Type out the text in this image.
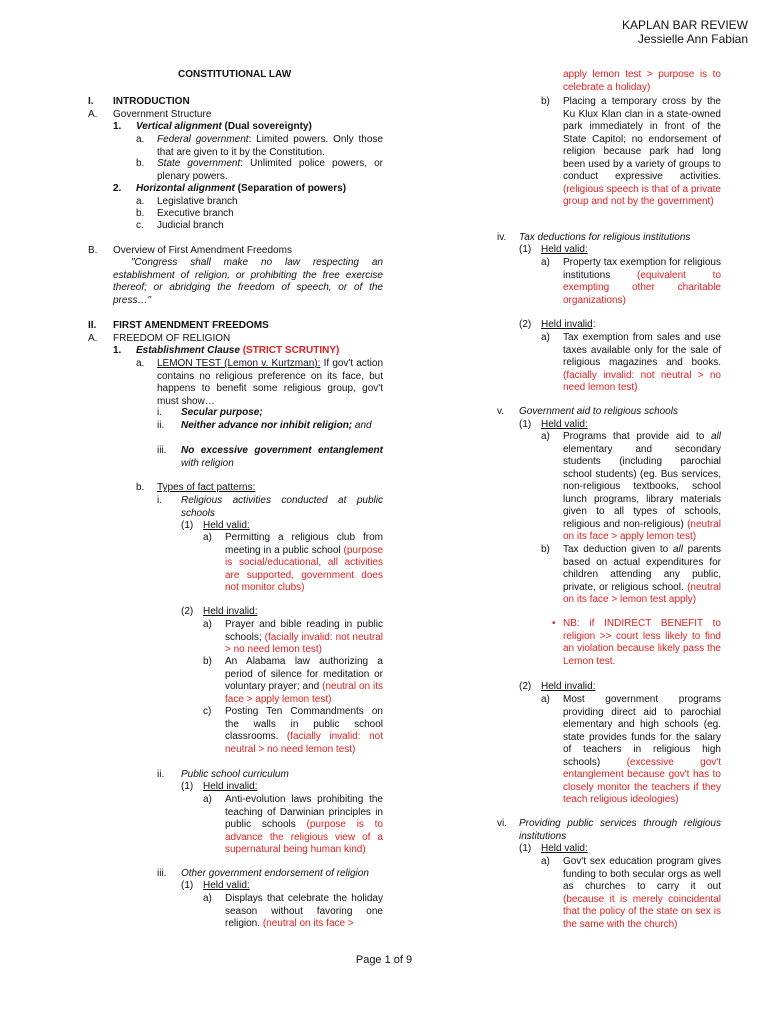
KAPLAN BAR REVIEW
Jessielle Ann Fabian
CONSTITUTIONAL LAW
I. INTRODUCTION
A. Government Structure
1. Vertical alignment (Dual sovereignty)
a. Federal government: Limited powers. Only those that are given to it by the Constitution.
b. State government: Unlimited police powers, or plenary powers.
2. Horizontal alignment (Separation of powers)
a. Legislative branch
b. Executive branch
c. Judicial branch
B. Overview of First Amendment Freedoms
"Congress shall make no law respecting an establishment of religion, or prohibiting the free exercise thereof; or abridging the freedom of speech, or of the press…"
II. FIRST AMENDMENT FREEDOMS
A. FREEDOM OF RELIGION
1. Establishment Clause (STRICT SCRUTINY)
a. LEMON TEST (Lemon v. Kurtzman): If gov't action contains no religious preference on its face, but happens to benefit some religious group, gov't must show…
i. Secular purpose;
ii. Neither advance nor inhibit religion; and
iii. No excessive government entanglement with religion
b. Types of fact patterns:
i. Religious activities conducted at public schools
(1) Held valid:
a) Permitting a religious club from meeting in a public school (purpose is social/educational, all activities are supported, government does not monitor clubs)
(2) Held invalid:
a) Prayer and bible reading in public schools; (facially invalid: not neutral > no need lemon test)
b) An Alabama law authorizing a period of silence for meditation or voluntary prayer; and (neutral on its face > apply lemon test)
c) Posting Ten Commandments on the walls in public school classrooms. (facially invalid: not neutral > no need lemon test)
ii. Public school curriculum
(1) Held invalid:
a) Anti-evolution laws prohibiting the teaching of Darwinian principles in public schools (purpose is to advance the religious view of a supernatural being human kind)
iii. Other government endorsement of religion
(1) Held valid:
a) Displays that celebrate the holiday season without favoring one religion. (neutral on its face >
apply lemon test > purpose is to celebrate a holiday)
b) Placing a temporary cross by the Ku Klux Klan clan in a state-owned park immediately in front of the State Capitol; no endorsement of religion because park had long been used by a variety of groups to conduct expressive activities. (religious speech is that of a private group and not by the government)
iv. Tax deductions for religious institutions
(1) Held valid:
a) Property tax exemption for religious institutions (equivalent to exempting other charitable organizations)
(2) Held invalid:
a) Tax exemption from sales and use taxes available only for the sale of religious magazines and books. (facially invalid: not neutral > no need lemon test)
v. Government aid to religious schools
(1) Held valid:
a) Programs that provide aid to all elementary and secondary students (including parochial school students) (eg. Bus services, non-religious textbooks, school lunch programs, library materials given to all types of schools, religious and non-religious) (neutral on its face > apply lemon test)
b) Tax deduction given to all parents based on actual expenditures for children attending any public, private, or religious school. (neutral on its face > lemon test apply)
• NB: if INDIRECT BENEFIT to religion >> court less likely to find an violation because likely pass the Lemon test.
(2) Held invalid:
a) Most government programs providing direct aid to parochial elementary and high schools (eg. state provides funds for the salary of teachers in religious high schools) (excessive gov't entanglement because gov't has to closely monitor the teachers if they teach religious ideologies)
vi. Providing public services through religious institutions
(1) Held valid:
a) Gov't sex education program gives funding to both secular orgs as well as churches to carry it out (because it is merely coincidental that the policy of the state on sex is the same with the church)
Page 1 of 9
